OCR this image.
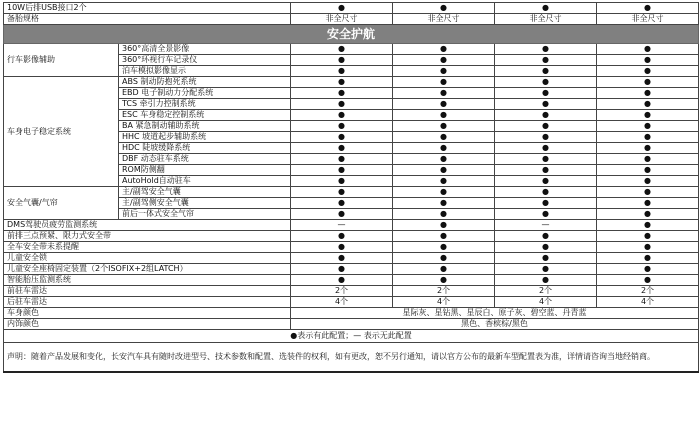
10W后排USB接口2个		●	●	●	●
备胎规格		非全尺寸	非全尺寸	非全尺寸	非全尺寸
安全护航					
行车影像辅助	360°高清全景影像	●	●	●	●
	360°环视行车记录仪	●	●	●	●
	泊车模拟影像显示	●	●	●	●
车身电子稳定系统	ABS 制动防抱死系统	●	●	●	●
	EBD 电子制动力分配系统	●	●	●	●
	TCS 牵引力控制系统	●	●	●	●
	ESC 车身稳定控制系统	●	●	●	●
	BA 紧急制动辅助系统	●	●	●	●
	HHC 坡道起步辅助系统	●	●	●	●
	HDC 陡坡缓降系统	●	●	●	●
	DBF 动态驻车系统	●	●	●	●
	ROM防侧翻	●	●	●	●
	AutoHold自动驻车	●	●	●	●
安全气囊/气帘	主/副驾安全气囊	●	●	●	●
	主/副驾侧安全气囊	●	●	●	●
	前后一体式安全气帘	●	●	●	●
DMS驾驶员疲劳监测系统		—	●	—	●
前排三点预紧、限力式安全带		●	●	●	●
全车安全带未系提醒		●	●	●	●
儿童安全锁		●	●	●	●
儿童安全座椅固定装置（2个ISOFIX+2组LATCH）		●	●	●	●
智能胎压监测系统		●	●	●	●
前驻车雷达		2个	2个	2个	2个
后驻车雷达		4个	4个	4个	4个
车身颜色		星际灰、星钻黑、星辰白、原子灰、碧空蓝、丹青蓝			
内饰颜色		黑色、香槟棕/黑色			
●表示有此配置；— 表示无此配置					
声明：随着产品发展和变化，长安汽车具有随时改进型号、技术参数和配置、选装件的权利，如有更改，恕不另行通知，请以官方公布的最新车型配置表为准，详情请咨询当地经销商。					
